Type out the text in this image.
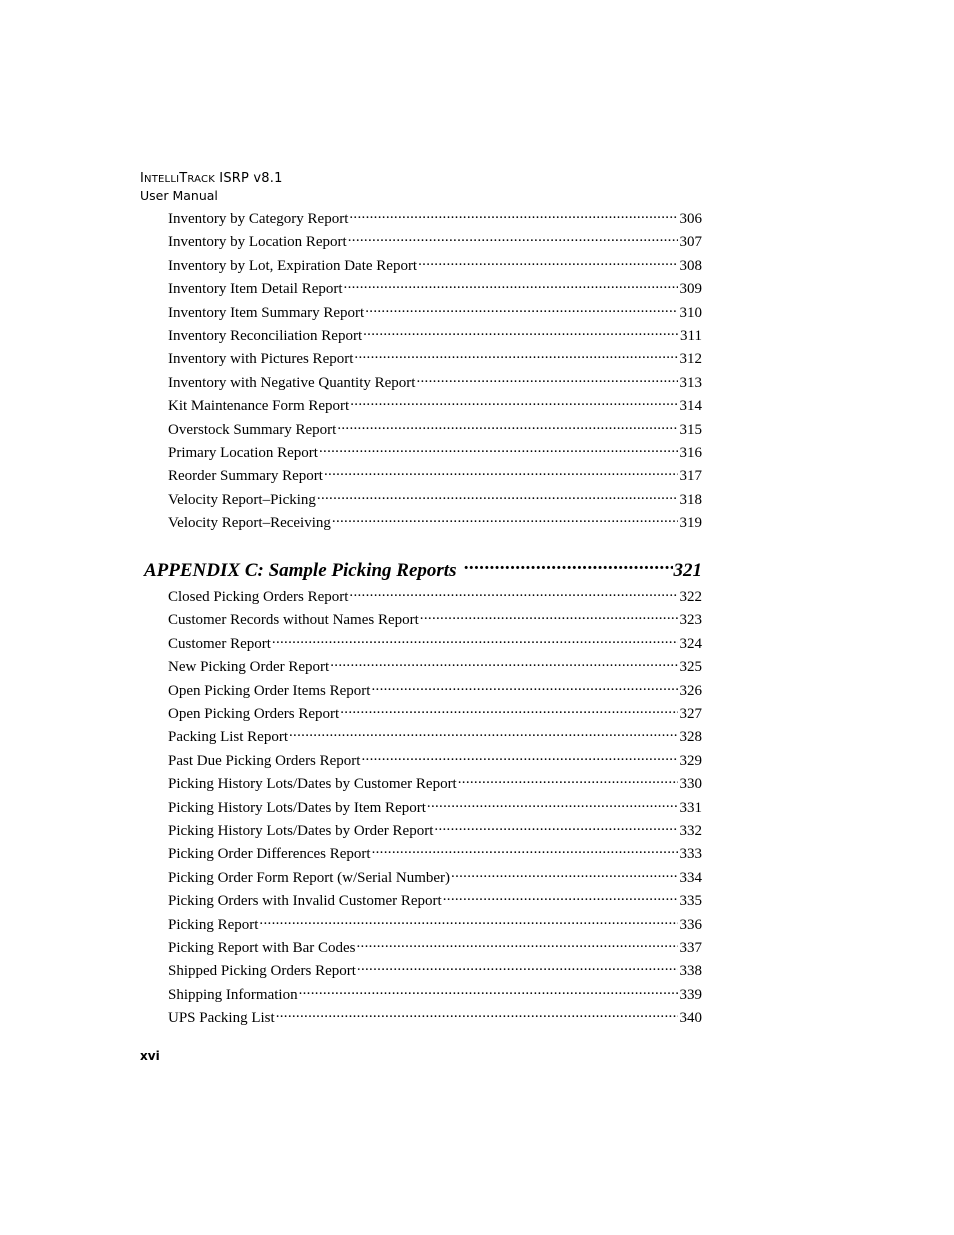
INTELLITRACK ISRP v8.1
User Manual
Inventory by Category Report .....	306
Inventory by Location Report .....	307
Inventory by Lot, Expiration Date Report .....	308
Inventory Item Detail Report .....	309
Inventory Item Summary Report .....	310
Inventory Reconciliation Report .....	311
Inventory with Pictures Report .....	312
Inventory with Negative Quantity Report .....	313
Kit Maintenance Form Report .....	314
Overstock Summary Report .....	315
Primary Location Report .....	316
Reorder Summary Report .....	317
Velocity Report–Picking .....	318
Velocity Report–Receiving .....	319
APPENDIX C: Sample Picking Reports .....	321
Closed Picking Orders Report .....	322
Customer Records without Names Report .....	323
Customer Report .....	324
New Picking Order Report .....	325
Open Picking Order Items Report .....	326
Open Picking Orders Report .....	327
Packing List Report .....	328
Past Due Picking Orders Report .....	329
Picking History Lots/Dates by Customer Report .....	330
Picking History Lots/Dates by Item Report .....	331
Picking History Lots/Dates by Order Report .....	332
Picking Order Differences Report .....	333
Picking Order Form Report (w/Serial Number) .....	334
Picking Orders with Invalid Customer Report .....	335
Picking Report .....	336
Picking Report with Bar Codes .....	337
Shipped Picking Orders Report .....	338
Shipping Information .....	339
UPS Packing List .....	340
xvi
